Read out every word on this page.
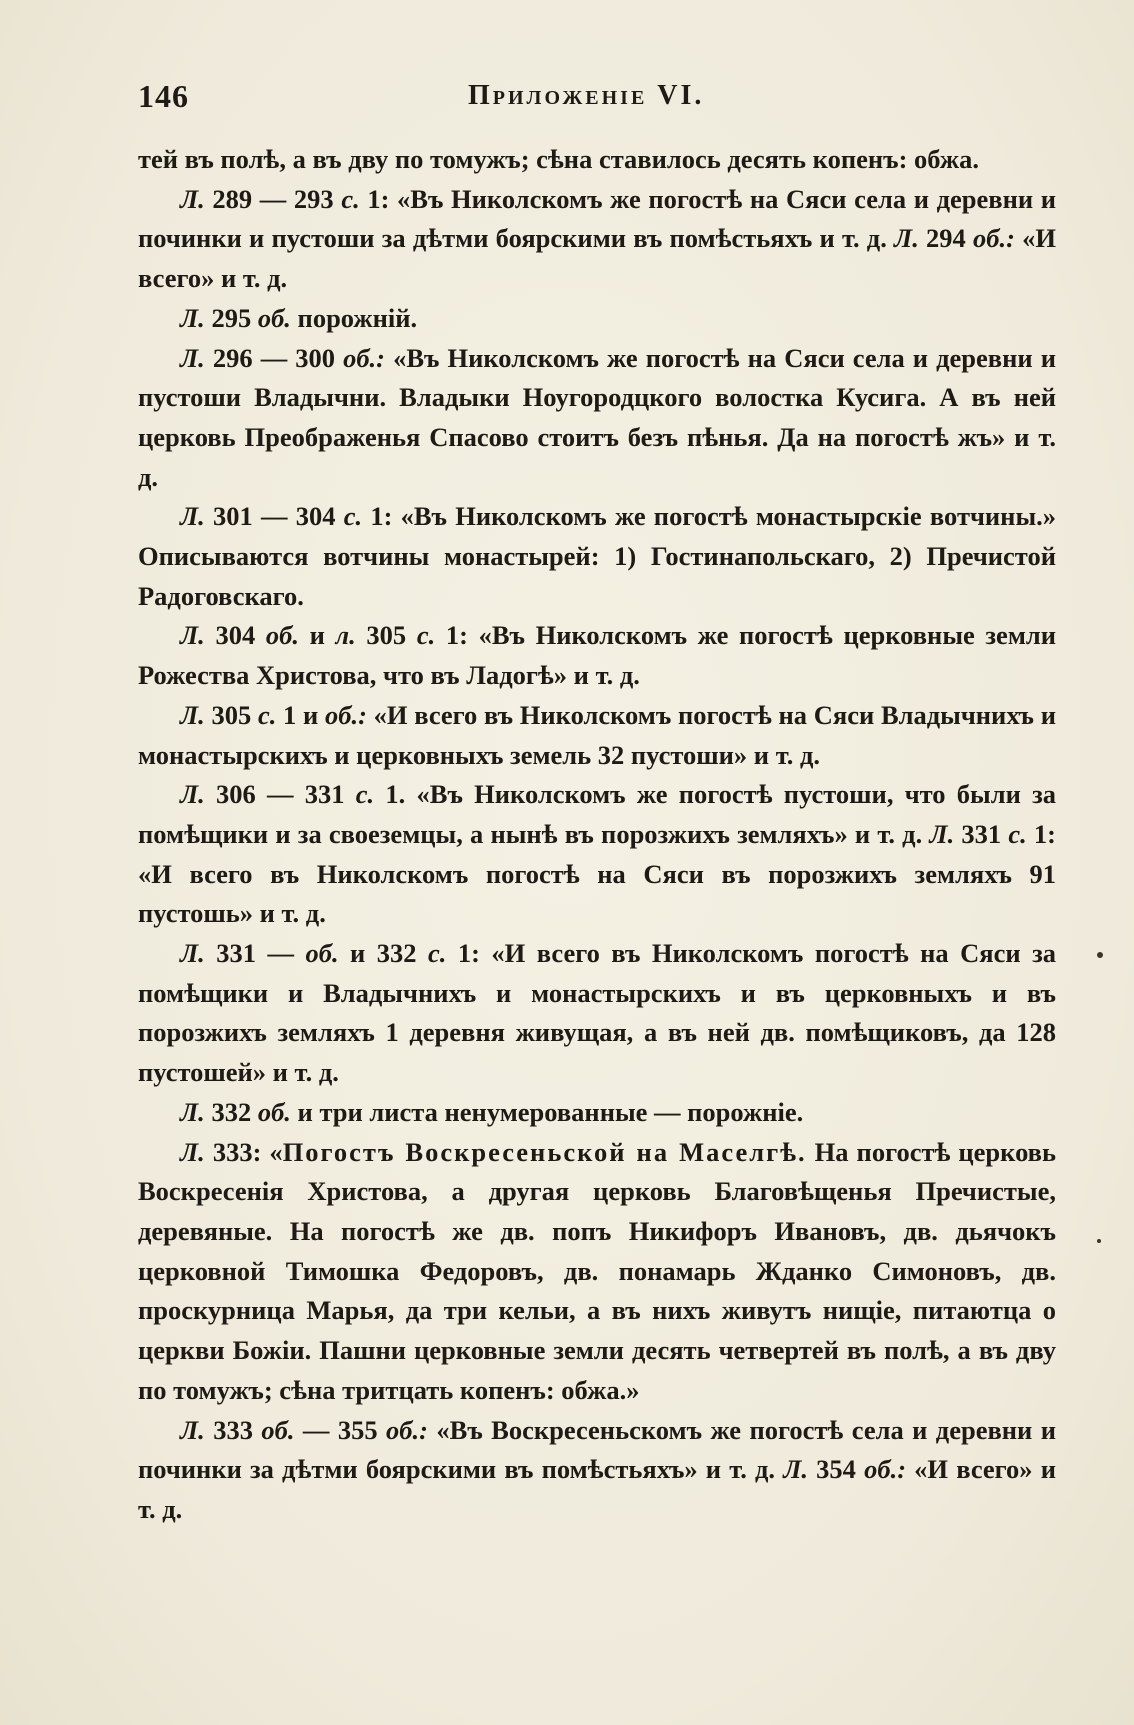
146	Приложеніе VI.

тей въ полѣ, а въ дву по томужъ; сѣна ставилось десять копенъ: обжа.

Л. 289 — 293 с. 1: «Въ Николскомъ же погостѣ на Сяси села и деревни и починки и пустоши за дѣтми боярскими въ помѣстьяхъ и т. д. Л. 294 об.: «И всего» и т. д.

Л. 295 об. порожній.

Л. 296 — 300 об.: «Въ Николскомъ же погостѣ на Сяси села и деревни и пустоши Владычни. Владыки Ноугородцкого волостка Кусига. А въ ней церковь Преображенья Спасово стоитъ безъ пѣнья. Да на погостѣ жъ» и т. д.

Л. 301 — 304 с. 1: «Въ Николскомъ же погостѣ монастырскіе вотчины.» Описываются вотчины монастырей: 1) Гостинапольскаго, 2) Пречистой Радоговскаго.

Л. 304 об. и л. 305 с. 1: «Въ Николскомъ же погостѣ церковные земли Рожества Христова, что въ Ладогѣ» и т. д.

Л. 305 с. 1 и об.: «И всего въ Николскомъ погостѣ на Сяси Владычнихъ и монастырскихъ и церковныхъ земель 32 пустоши» и т. д.

Л. 306 — 331 с. 1. «Въ Николскомъ же погостѣ пустоши, что были за помѣщики и за своеземцы, а нынѣ въ порозжихъ земляхъ» и т. д. Л. 331 с. 1: «И всего въ Николскомъ погостѣ на Сяси въ порозжихъ земляхъ 91 пустошь» и т. д.

Л. 331 — об. и 332 с. 1: «И всего въ Николскомъ погостѣ на Сяси за помѣщики и Владычнихъ и монастырскихъ и въ церковныхъ и въ порозжихъ земляхъ 1 деревня живущая, а въ ней дв. помѣщиковъ, да 128 пустошей» и т. д.

Л. 332 об. и три листа ненумерованные — порожніе.

Л. 333: «Погостъ Воскресеньской на Маселгѣ. На погостѣ церковь Воскресенія Христова, а другая церковь Благовѣщенья Пречистые, деревяные. На погостѣ же дв. попъ Никифоръ Ивановъ, дв. дьячокъ церковной Тимошка Федоровъ, дв. понамарь Жданко Симоновъ, дв. проскурница Марья, да три кельи, а въ нихъ живутъ нищіе, питаютца о церкви Божіи. Пашни церковные земли десять четвертей въ полѣ, а въ дву по томужъ; сѣна тритцать копенъ: обжа.»

Л. 333 об. — 355 об.: «Въ Воскресеньскомъ же погостѣ села и деревни и починки за дѣтми боярскими въ помѣстьяхъ» и т. д. Л. 354 об.: «И всего» и т. д.
